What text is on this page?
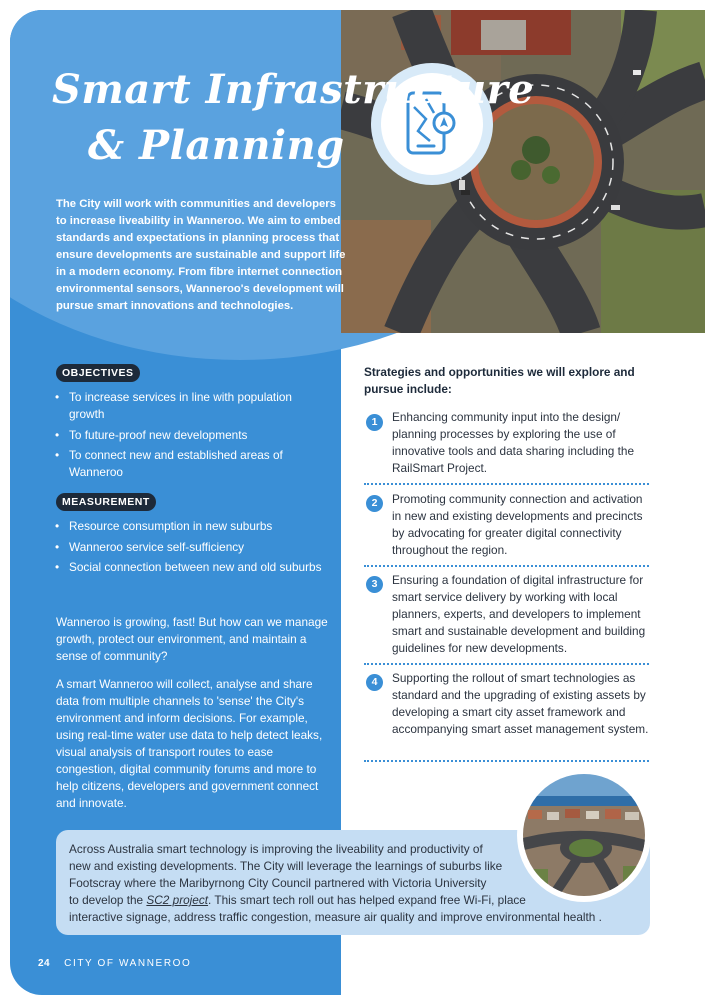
Smart Infrastructure
& Planning

The City will work with communities and developers to increase liveability in Wanneroo. We aim to embed standards and expectations in planning process that ensure developments are sustainable and support life in a modern economy. From fibre internet connection environmental sensors, Wanneroo's development will pursue smart innovations and technologies.

OBJECTIVES
• To increase services in line with population growth
• To future-proof new developments
• To connect new and established areas of Wanneroo
MEASUREMENT
• Resource consumption in new suburbs
• Wanneroo service self-sufficiency
• Social connection between new and old suburbs

Wanneroo is growing, fast! But how can we manage growth, protect our environment, and maintain a sense of community?

A smart Wanneroo will collect, analyse and share data from multiple channels to 'sense' the City's environment and inform decisions. For example, using real-time water use data to help detect leaks, visual analysis of transport routes to ease congestion, digital community forums and more to help citizens, developers and government connect and innovate.

Strategies and opportunities we will explore and pursue include:

1	Enhancing community input into the design/ planning processes by exploring the use of innovative tools and data sharing including the RailSmart Project.

2	Promoting community connection and activation in new and existing developments and precincts by advocating for greater digital connectivity throughout the region.

3	Ensuring a foundation of digital infrastructure for smart service delivery by working with local planners, experts, and developers to implement smart and sustainable development and building guidelines for new developments.

4	Supporting the rollout of smart technologies as standard and the upgrading of existing assets by developing a smart city asset framework and accompanying smart asset management system.

Across Australia smart technology is improving the liveability and productivity of
new and existing developments. The City will leverage the learnings of suburbs like
Footscray where the Maribyrnong City Council partnered with Victoria University
to develop the SC2 project. This smart tech roll out has helped expand free Wi-Fi, place
interactive signage, address traffic congestion, measure air quality and improve environmental health .

24 CITY OF WANNEROO
